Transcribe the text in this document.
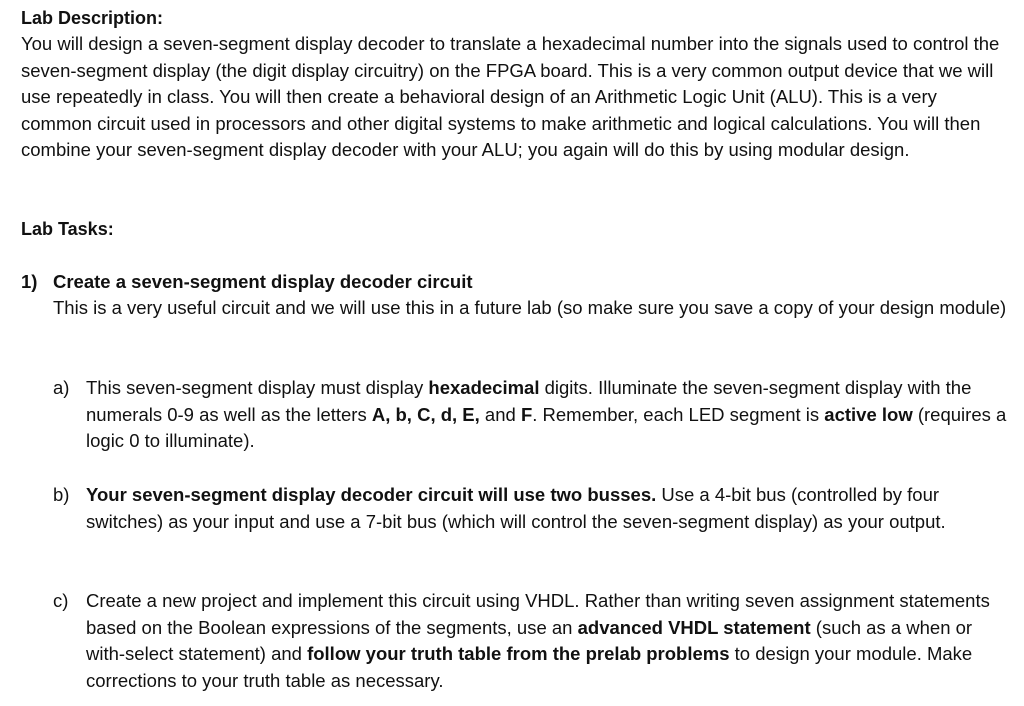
Lab Description:
You will design a seven-segment display decoder to translate a hexadecimal number into the signals used to control the seven-segment display (the digit display circuitry) on the FPGA board. This is a very common output device that we will use repeatedly in class. You will then create a behavioral design of an Arithmetic Logic Unit (ALU). This is a very common circuit used in processors and other digital systems to make arithmetic and logical calculations. You will then combine your seven-segment display decoder with your ALU; you again will do this by using modular design.
Lab Tasks:
1) Create a seven-segment display decoder circuit
This is a very useful circuit and we will use this in a future lab (so make sure you save a copy of your design module)
a) This seven-segment display must display hexadecimal digits. Illuminate the seven-segment display with the numerals 0-9 as well as the letters A, b, C, d, E, and F. Remember, each LED segment is active low (requires a logic 0 to illuminate).
b) Your seven-segment display decoder circuit will use two busses. Use a 4-bit bus (controlled by four switches) as your input and use a 7-bit bus (which will control the seven-segment display) as your output.
c) Create a new project and implement this circuit using VHDL. Rather than writing seven assignment statements based on the Boolean expressions of the segments, use an advanced VHDL statement (such as a when or with-select statement) and follow your truth table from the prelab problems to design your module. Make corrections to your truth table as necessary.
